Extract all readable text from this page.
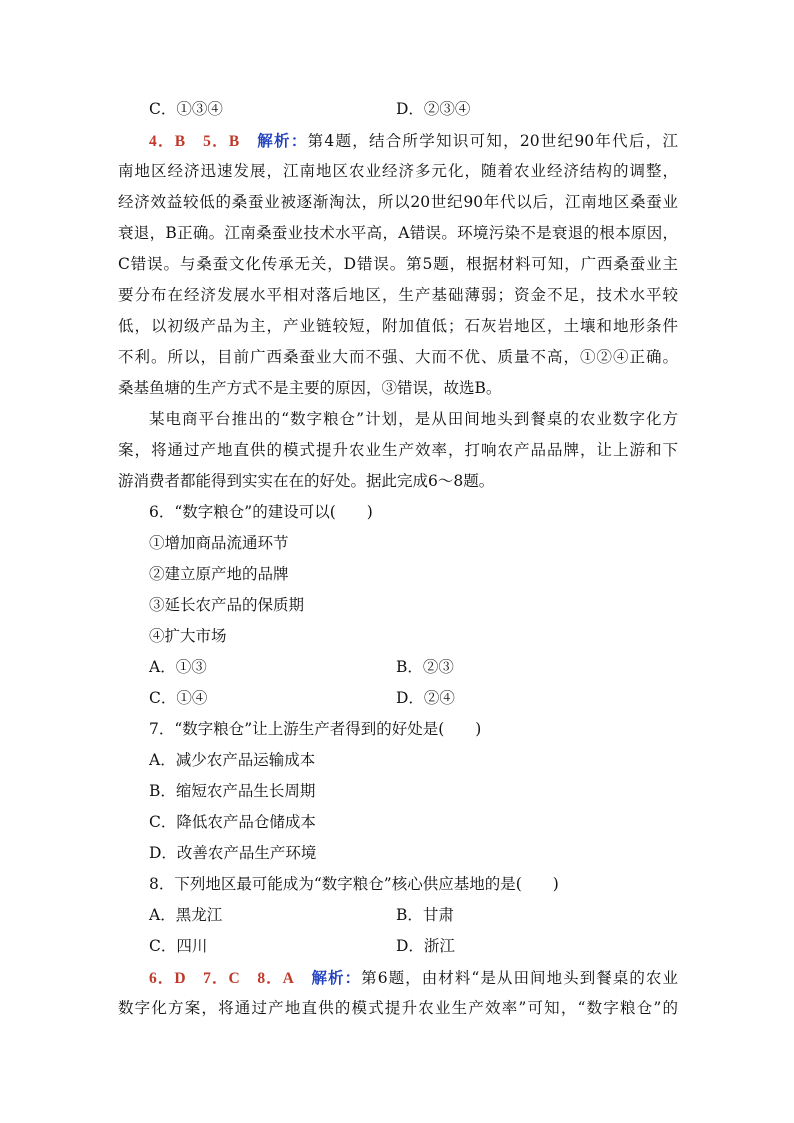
C．①③④	D．②③④
4．B　5．B　 解析：第4题，结合所学知识可知，20世纪90年代后，江
南地区经济迅速发展，江南地区农业经济多元化，随着农业经济结构的调整，
经济效益较低的桑蚕业被逐渐淘汰，所以20世纪90年代以后，江南地区桑蚕业
衰退，B正确。江南桑蚕业技术水平高，A错误。环境污染不是衰退的根本原因，
C错误。与桑蚕文化传承无关，D错误。第5题，根据材料可知，广西桑蚕业主
要分布在经济发展水平相对落后地区，生产基础薄弱；资金不足，技术水平较
低，以初级产品为主，产业链较短，附加值低；石灰岩地区，土壤和地形条件
不利。所以，目前广西桑蚕业大而不强、大而不优、质量不高，①②④正确。
桑基鱼塘的生产方式不是主要的原因，③错误，故选B。
某电商平台推出的“数字粮仓”计划，是从田间地头到餐桌的农业数字化方
案，将通过产地直供的模式提升农业生产效率，打响农产品品牌，让上游和下
游消费者都能得到实实在在的好处。据此完成6～8题。
6．“数字粮仓”的建设可以(　　)
①增加商品流通环节
②建立原产地的品牌
③延长农产品的保质期
④扩大市场
A．①③	B．②③
C．①④	D．②④
7．“数字粮仓”让上游生产者得到的好处是(　　)
A．减少农产品运输成本
B．缩短农产品生长周期
C．降低农产品仓储成本
D．改善农产品生产环境
8．下列地区最可能成为“数字粮仓”核心供应基地的是(　　)
A．黑龙江	B．甘肃
C．四川	D．浙江
6．D　7．C　8．A　 解析：第6题，由材料“是从田间地头到餐桌的农业
数字化方案，将通过产地直供的模式提升农业生产效率”可知，“数字粮仓”的
